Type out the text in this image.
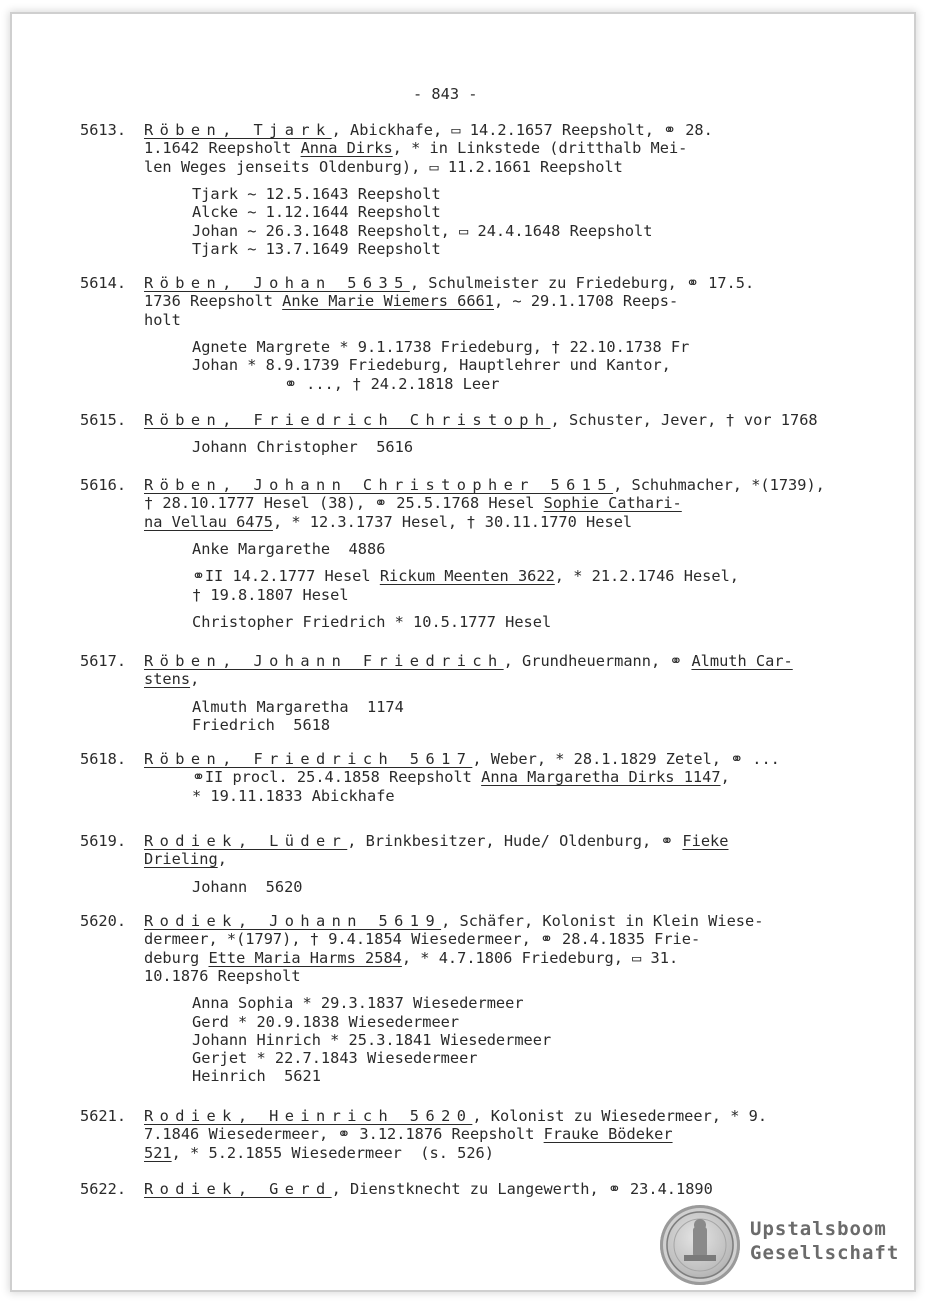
- 843 -
5613. Röben, Tjark, Abickhafe, ▭ 14.2.1657 Reepsholt, ⚭ 28.
1.1642 Reepsholt Anna Dirks, * in Linkstede (dritthalb Mei-
len Weges jenseits Oldenburg), ▭ 11.2.1661 Reepsholt
Tjark ~ 12.5.1643 Reepsholt
Alcke ~ 1.12.1644 Reepsholt
Johan ~ 26.3.1648 Reepsholt, ▭ 24.4.1648 Reepsholt
Tjark ~ 13.7.1649 Reepsholt
5614. Röben, Johan 5635, Schulmeister zu Friedeburg, ⚭ 17.5.
1736 Reepsholt Anke Marie Wiemers 6661, ~ 29.1.1708 Reeps-
holt
Agnete Margrete * 9.1.1738 Friedeburg, † 22.10.1738 Fr
Johan * 8.9.1739 Friedeburg, Hauptlehrer und Kantor,
⚭ ..., † 24.2.1818 Leer
5615. Röben, Friedrich Christoph, Schuster, Jever, † vor 1768
Johann Christopher  5616
5616. Röben, Johann Christopher 5615, Schuhmacher, *(1739),
† 28.10.1777 Hesel (38), ⚭ 25.5.1768 Hesel Sophie Cathari-
na Vellau 6475, * 12.3.1737 Hesel, † 30.11.1770 Hesel
Anke Margarethe  4886
⚭II 14.2.1777 Hesel Rickum Meenten 3622, * 21.2.1746 Hesel,
† 19.8.1807 Hesel
Christopher Friedrich * 10.5.1777 Hesel
5617. Röben, Johann Friedrich, Grundheuermann, ⚭ Almuth Car-
stens,
Almuth Margaretha  1174
Friedrich  5618
5618. Röben, Friedrich 5617, Weber, * 28.1.1829 Zetel, ⚭ ...
⚭II procl. 25.4.1858 Reepsholt Anna Margaretha Dirks 1147,
* 19.11.1833 Abickhafe
5619. Rodiek, Lüder, Brinkbesitzer, Hude/ Oldenburg, ⚭ Fieke
Drieling,
Johann  5620
5620. Rodiek, Johann 5619, Schäfer, Kolonist in Klein Wiese-
dermeer, *(1797), † 9.4.1854 Wiesedermeer, ⚭ 28.4.1835 Frie-
deburg Ette Maria Harms 2584, * 4.7.1806 Friedeburg, ▭ 31.
10.1876 Reepsholt
Anna Sophia * 29.3.1837 Wiesedermeer
Gerd * 20.9.1838 Wiesedermeer
Johann Hinrich * 25.3.1841 Wiesedermeer
Gerjet * 22.7.1843 Wiesedermeer
Heinrich  5621
5621. Rodiek, Heinrich 5620, Kolonist zu Wiesedermeer, * 9.
7.1846 Wiesedermeer, ⚭ 3.12.1876 Reepsholt Frauke Bödeker
521, * 5.2.1855 Wiesedermeer  (s. 526)
5622. Rodiek, Gerd, Dienstknecht zu Langewerth, ⚭ 23.4.1890
Upstalsboom
Gesellschaft
